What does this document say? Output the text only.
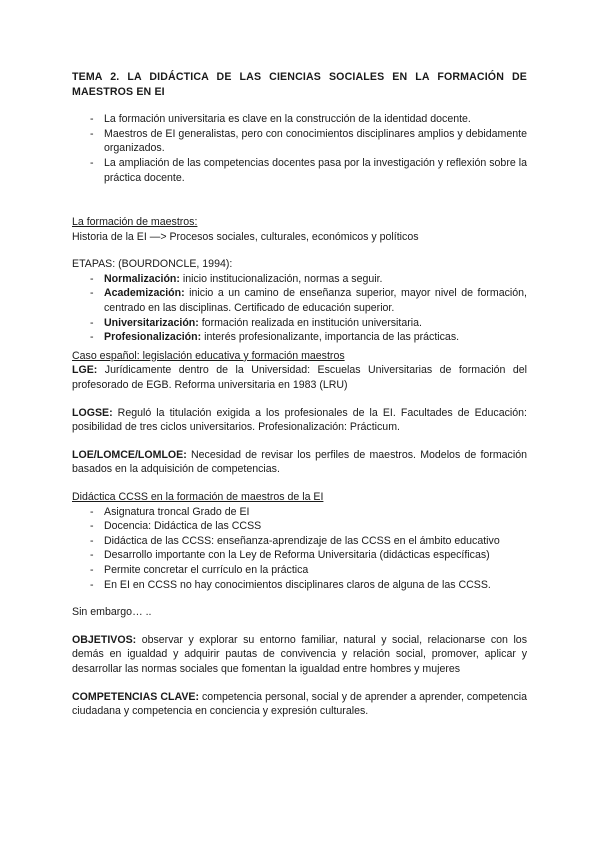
TEMA 2. LA DIDÁCTICA DE LAS CIENCIAS SOCIALES EN LA FORMACIÓN DE MAESTROS EN EI
- La formación universitaria es clave en la construcción de la identidad docente.
- Maestros de EI generalistas, pero con conocimientos disciplinares amplios y debidamente organizados.
- La ampliación de las competencias docentes pasa por la investigación y reflexión sobre la práctica docente.
La formación de maestros:
Historia de la EI —> Procesos sociales, culturales, económicos y políticos
ETAPAS: (BOURDONCLE, 1994):
- Normalización: inicio institucionalización, normas a seguir.
- Academización: inicio a un camino de enseñanza superior, mayor nivel de formación, centrado en las disciplinas. Certificado de educación superior.
- Universitarización: formación realizada en institución universitaria.
- Profesionalización: interés profesionalizante, importancia de las prácticas.
Caso español: legislación educativa y formación maestros

LGE: Jurídicamente dentro de la Universidad: Escuelas Universitarias de formación del profesorado de EGB. Reforma universitaria en 1983 (LRU)

LOGSE: Reguló la titulación exigida a los profesionales de la EI. Facultades de Educación: posibilidad de tres ciclos universitarios. Profesionalización: Prácticum.

LOE/LOMCE/LOMLOE: Necesidad de revisar los perfiles de maestros. Modelos de formación basados en la adquisición de competencias.

Didáctica CCSS en la formación de maestros de la EI
- Asignatura troncal Grado de EI
- Docencia: Didáctica de las CCSS
- Didáctica de las CCSS: enseñanza-aprendizaje de las CCSS en el ámbito educativo
- Desarrollo importante con la Ley de Reforma Universitaria (didácticas específicas)
- Permite concretar el currículo en la práctica
- En EI en CCSS no hay conocimientos disciplinares claros de alguna de las CCSS.
Sin embargo… ..

OBJETIVOS: observar y explorar su entorno familiar, natural y social, relacionarse con los demás en igualdad y adquirir pautas de convivencia y relación social, promover, aplicar y desarrollar las normas sociales que fomentan la igualdad entre hombres y mujeres

COMPETENCIAS CLAVE: competencia personal, social y de aprender a aprender, competencia ciudadana y competencia en conciencia y expresión culturales.
